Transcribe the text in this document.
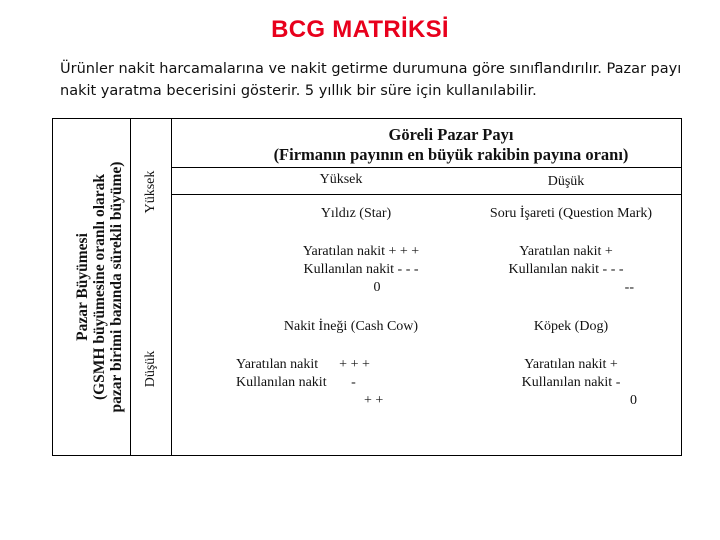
BCG MATRİKSİ
Ürünler nakit harcamalarına ve nakit getirme durumuna göre sınıflandırılır. Pazar payı
nakit yaratma becerisini gösterir. 5 yıllık bir süre için kullanılabilir.
Pazar Büyümesi (GSMH büyümesine oranlı olarak pazar birimi bazında sürekli büyüme) Yüksek
Düşük
Göreli Pazar Payı
(Firmanın payının en büyük rakibin payına oranı)
Yüksek	Düşük
Yıldız (Star)
Yaratılan nakit + + +
Kullanılan nakit - - -
0
Soru İşareti (Question Mark)
Yaratılan nakit +
Kullanılan nakit - - -
--
Nakit İneği (Cash Cow)
Yaratılan nakit      + + +
Kullanılan nakit       -
+ +
Köpek (Dog)
Yaratılan nakit +
Kullanılan nakit -
0
